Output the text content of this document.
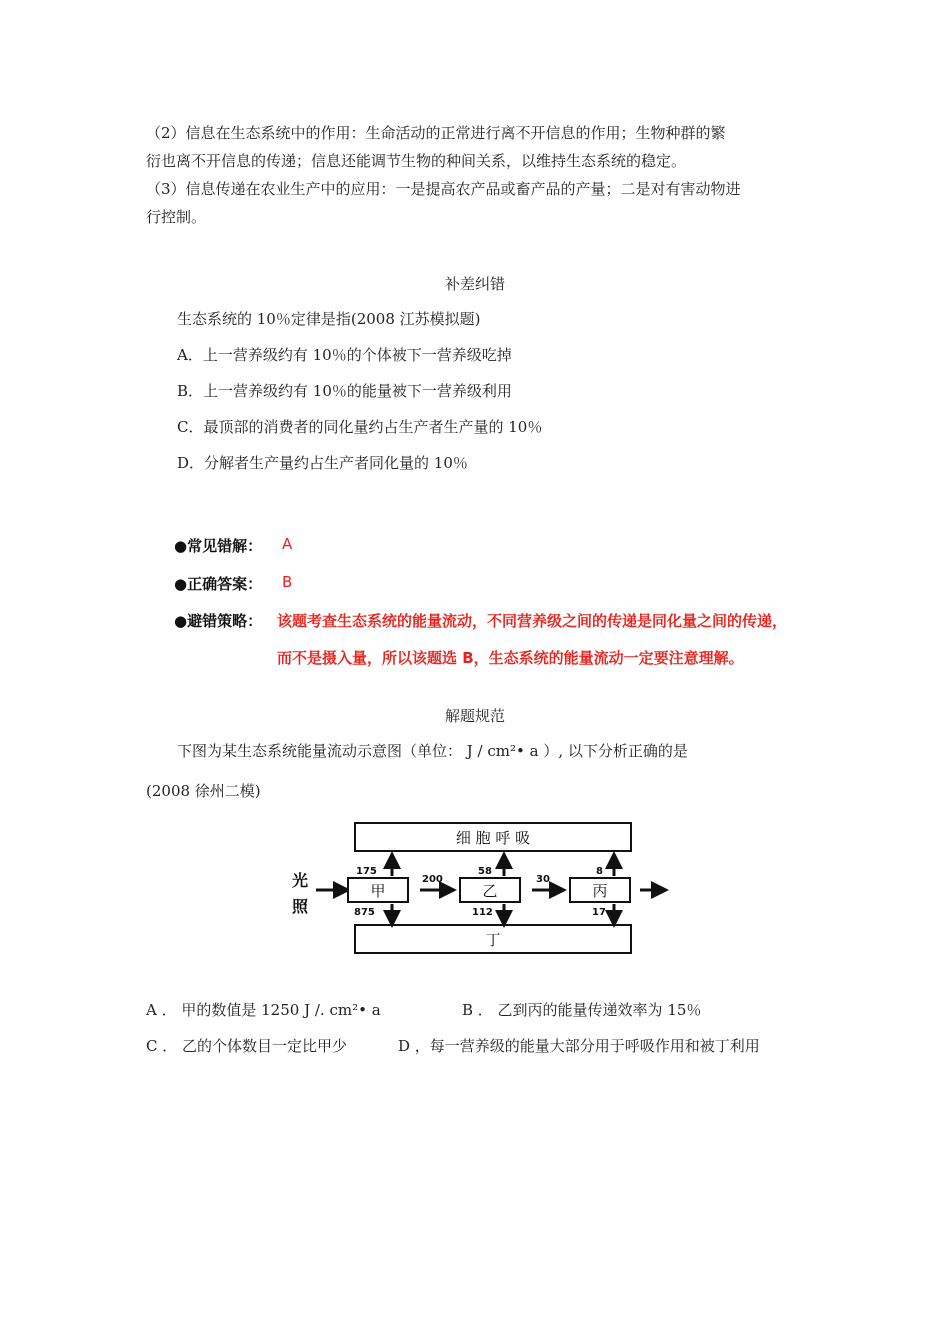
（2）信息在生态系统中的作用：生命活动的正常进行离不开信息的作用；生物种群的繁
衍也离不开信息的传递；信息还能调节生物的种间关系，以维持生态系统的稳定。
（3）信息传递在农业生产中的应用：一是提高农产品或畜产品的产量；二是对有害动物进
行控制。
补差纠错
生态系统的 10％定律是指(2008 江苏模拟题)
A．上一营养级约有 10％的个体被下一营养级吃掉
B．上一营养级约有 10％的能量被下一营养级利用
C．最顶部的消费者的同化量约占生产者生产量的 10％
D．分解者生产量约占生产者同化量的 10％
●常见错解： A
●正确答案： B
●避错策略： 该题考查生态系统的能量流动，不同营养级之间的传递是同化量之间的传递，
而不是摄入量，所以该题选 B，生态系统的能量流动一定要注意理解。
解题规范
下图为某生态系统能量流动示意图（单位： J / cm²• a ）, 以下分析正确的是
(2008 徐州二模)
细 胞 呼 吸
丁
光
照
甲	乙	丙
200	30
175
875
58
112
8
17
A ． 甲的数值是 1250 J /. cm²• a	B ． 乙到丙的能量传递效率为 15％
C ． 乙的个体数目一定比甲少	D ，每一营养级的能量大部分用于呼吸作用和被丁利用
